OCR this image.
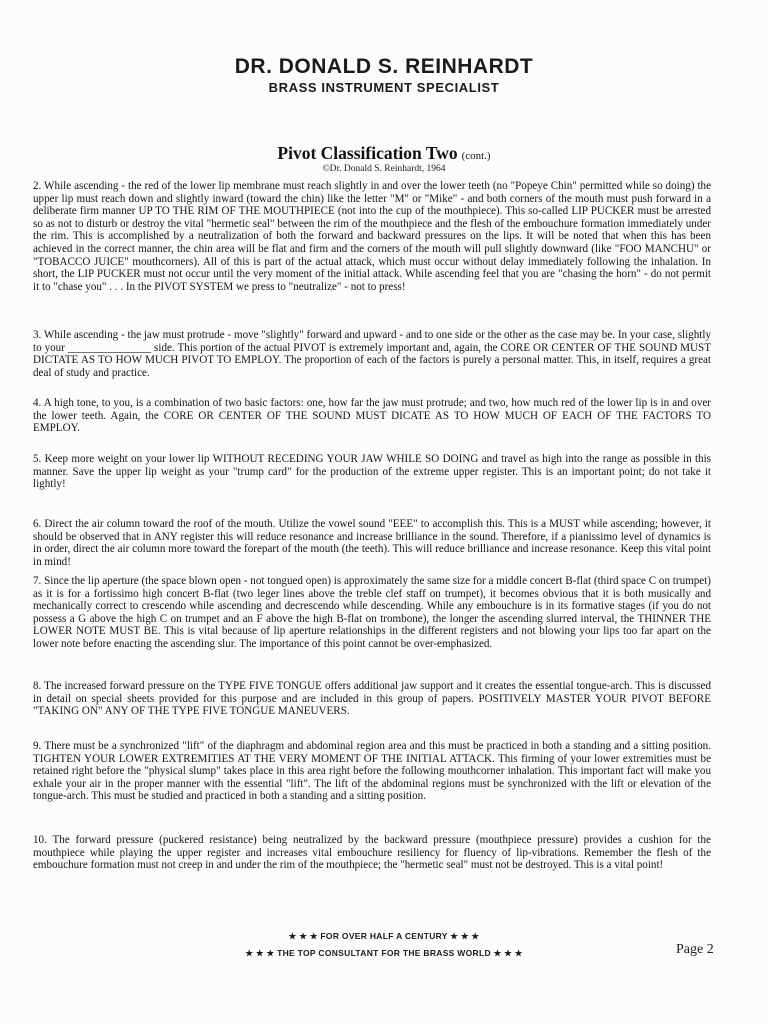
DR. DONALD S. REINHARDT
BRASS INSTRUMENT SPECIALIST
Pivot Classification Two (cont.)
©Dr. Donald S. Reinhardt, 1964

2. While ascending - the red of the lower lip membrane must reach slightly in and over the lower teeth (no "Popeye Chin" permitted while so doing) the upper lip must reach down and slightly inward (toward the chin) like the letter "M" or "Mike" - and both corners of the mouth must push forward in a deliberate firm manner UP TO THE RIM OF THE MOUTHPIECE (not into the cup of the mouthpiece). This so-called LIP PUCKER must be arrested so as not to disturb or destroy the vital "hermetic seal" between the rim of the mouthpiece and the flesh of the embouchure formation immediately under the rim. This is accomplished by a neutralization of both the forward and backward pressures on the lips. It will be noted that when this has been achieved in the correct manner, the chin area will be flat and firm and the corners of the mouth will pull slightly downward (like "FOO MANCHU" or "TOBACCO JUICE" mouthcorners). All of this is part of the actual attack, which must occur without delay immediately following the inhalation. In short, the LIP PUCKER must not occur until the very moment of the initial attack. While ascending feel that you are "chasing the horn" - do not permit it to "chase you" . . . In the PIVOT SYSTEM we press to "neutralize" - not to press!

3. While ascending - the jaw must protrude - move "slightly" forward and upward - and to one side or the other as the case may be. In your case, slightly to your _______________ side. This portion of the actual PIVOT is extremely important and, again, the CORE OR CENTER OF THE SOUND MUST DICTATE AS TO HOW MUCH PIVOT TO EMPLOY. The proportion of each of the factors is purely a personal matter. This, in itself, requires a great deal of study and practice.

4. A high tone, to you, is a combination of two basic factors: one, how far the jaw must protrude; and two, how much red of the lower lip is in and over the lower teeth. Again, the CORE OR CENTER OF THE SOUND MUST DICATE AS TO HOW MUCH OF EACH OF THE FACTORS TO EMPLOY.

5. Keep more weight on your lower lip WITHOUT RECEDING YOUR JAW WHILE SO DOING and travel as high into the range as possible in this manner. Save the upper lip weight as your "trump card" for the production of the extreme upper register. This is an important point; do not take it lightly!

6. Direct the air column toward the roof of the mouth. Utilize the vowel sound "EEE" to accomplish this. This is a MUST while ascending; however, it should be observed that in ANY register this will reduce resonance and increase brilliance in the sound. Therefore, if a pianissimo level of dynamics is in order, direct the air column more toward the forepart of the mouth (the teeth). This will reduce brilliance and increase resonance. Keep this vital point in mind!

7. Since the lip aperture (the space blown open - not tongued open) is approximately the same size for a middle concert B-flat (third space C on trumpet) as it is for a fortissimo high concert B-flat (two leger lines above the treble clef staff on trumpet), it becomes obvious that it is both musically and mechanically correct to crescendo while ascending and decrescendo while descending. While any embouchure is in its formative stages (if you do not possess a G above the high C on trumpet and an F above the high B-flat on trombone), the longer the ascending slurred interval, the THINNER THE LOWER NOTE MUST BE. This is vital because of lip aperture relationships in the different registers and not blowing your lips too far apart on the lower note before enacting the ascending slur. The importance of this point cannot be over-emphasized.

8. The increased forward pressure on the TYPE FIVE TONGUE offers additional jaw support and it creates the essential tongue-arch. This is discussed in detail on special sheets provided for this purpose and are included in this group of papers. POSITIVELY MASTER YOUR PIVOT BEFORE "TAKING ON" ANY OF THE TYPE FIVE TONGUE MANEUVERS.

9. There must be a synchronized "lift" of the diaphragm and abdominal region area and this must be practiced in both a standing and a sitting position. TIGHTEN YOUR LOWER EXTREMITIES AT THE VERY MOMENT OF THE INITIAL ATTACK. This firming of your lower extremities must be retained right before the "physical slump" takes place in this area right before the following mouthcorner inhalation. This important fact will make you exhale your air in the proper manner with the essential "lift". The lift of the abdominal regions must be synchronized with the lift or elevation of the tongue-arch. This must be studied and practiced in both a standing and a sitting position.

10. The forward pressure (puckered resistance) being neutralized by the backward pressure (mouthpiece pressure) provides a cushion for the mouthpiece while playing the upper register and increases vital embouchure resiliency for fluency of lip-vibrations. Remember the flesh of the embouchure formation must not creep in and under the rim of the mouthpiece; the "hermetic seal" must not be destroyed. This is a vital point!

★ ★ ★ FOR OVER HALF A CENTURY ★ ★ ★
★ ★ ★ THE TOP CONSULTANT FOR THE BRASS WORLD ★ ★ ★	Page 2
